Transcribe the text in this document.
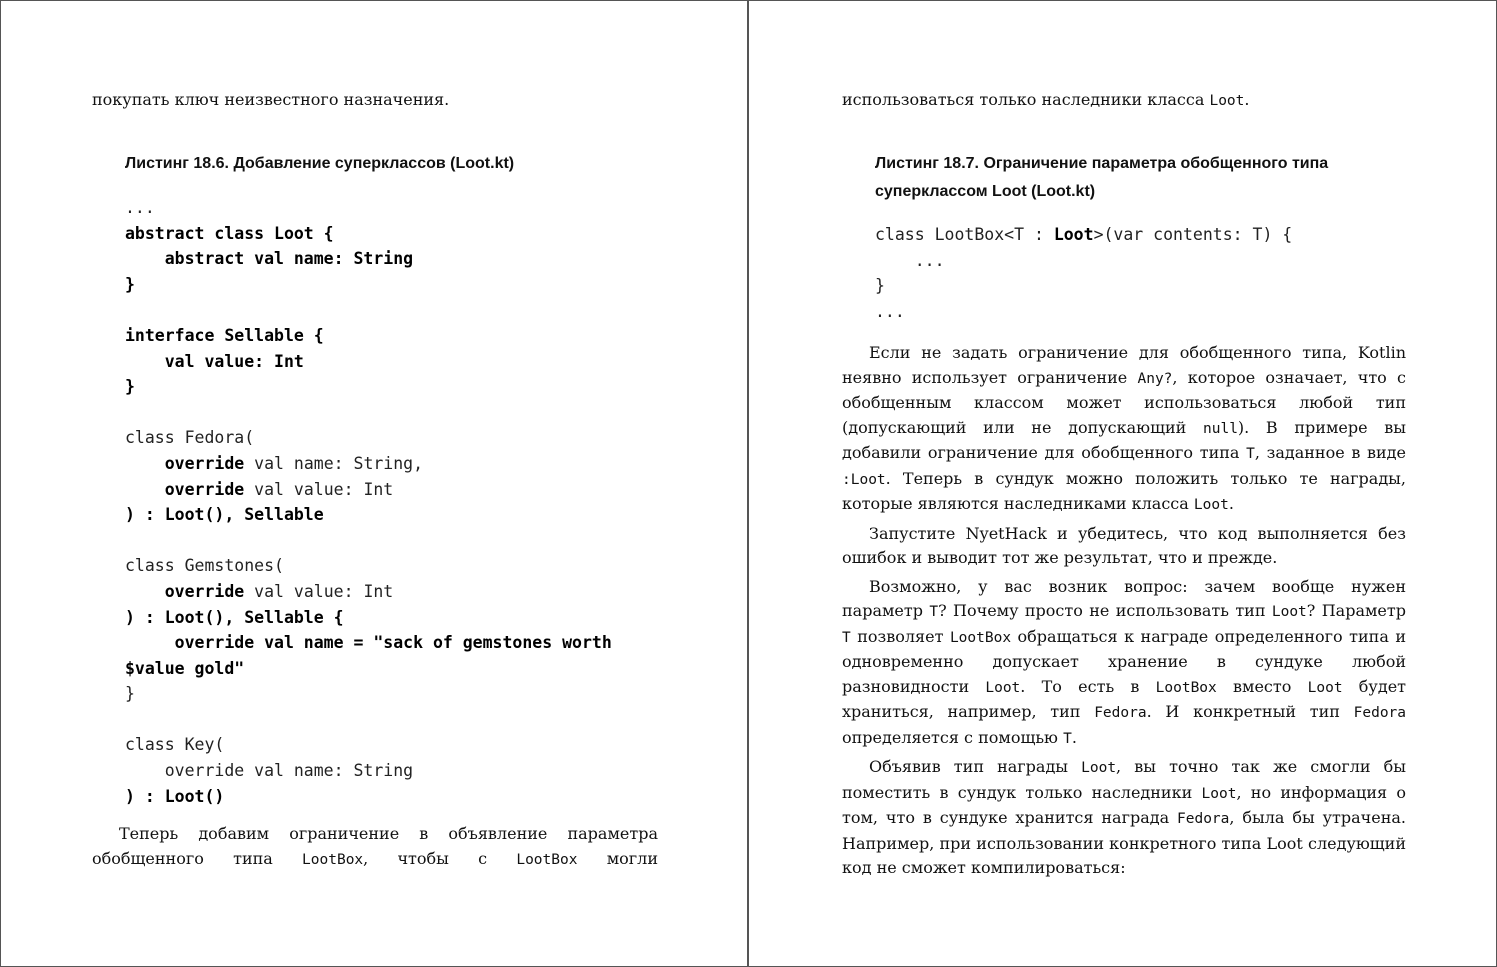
покупать ключ неизвестного назначения.

Листинг 18.6. Добавление суперклассов (Loot.kt)

...
abstract class Loot {
abstract val name: String
}

interface Sellable {
val value: Int
}

class Fedora(
override val name: String,
override val value: Int
) : Loot(), Sellable

class Gemstones(
override val value: Int
) : Loot(), Sellable {
override val name = "sack of gemstones worth
$value gold"
}

class Key(
override val name: String
) : Loot()

Теперь добавим ограничение в объявление параметра

обобщенного типа LootBox, чтобы с LootBox могли

использоваться только наследники класса Loot.

Листинг 18.7. Ограничение параметра обобщенного типа

суперклассом Loot (Loot.kt)

class LootBox<T : Loot>(var contents: T) {
...
}
...

Если не задать ограничение для обобщенного типа, Kotlin неявно использует ограничение Any?, которое означает, что с обобщенным классом может использоваться любой тип (допускающий или не допускающий null). В примере вы добавили ограничение для обобщенного типа T, заданное в виде :Loot. Теперь в сундук можно положить только те награды, которые являются наследниками класса Loot.

Запустите NyetHack и убедитесь, что код выполняется без ошибок и выводит тот же результат, что и прежде.

Возможно, у вас возник вопрос: зачем вообще нужен параметр T? Почему просто не использовать тип Loot? Параметр T позволяет LootBox обращаться к награде определенного типа и одновременно допускает хранение в сундуке любой разновидности Loot. То есть в LootBox вместо Loot будет храниться, например, тип Fedora. И конкретный тип Fedora определяется с помощью T.

Объявив тип награды Loot, вы точно так же смогли бы поместить в сундук только наследники Loot, но информация о том, что в сундуке хранится награда Fedora, была бы утрачена. Например, при использовании конкретного типа Loot следующий код не сможет компилироваться:
